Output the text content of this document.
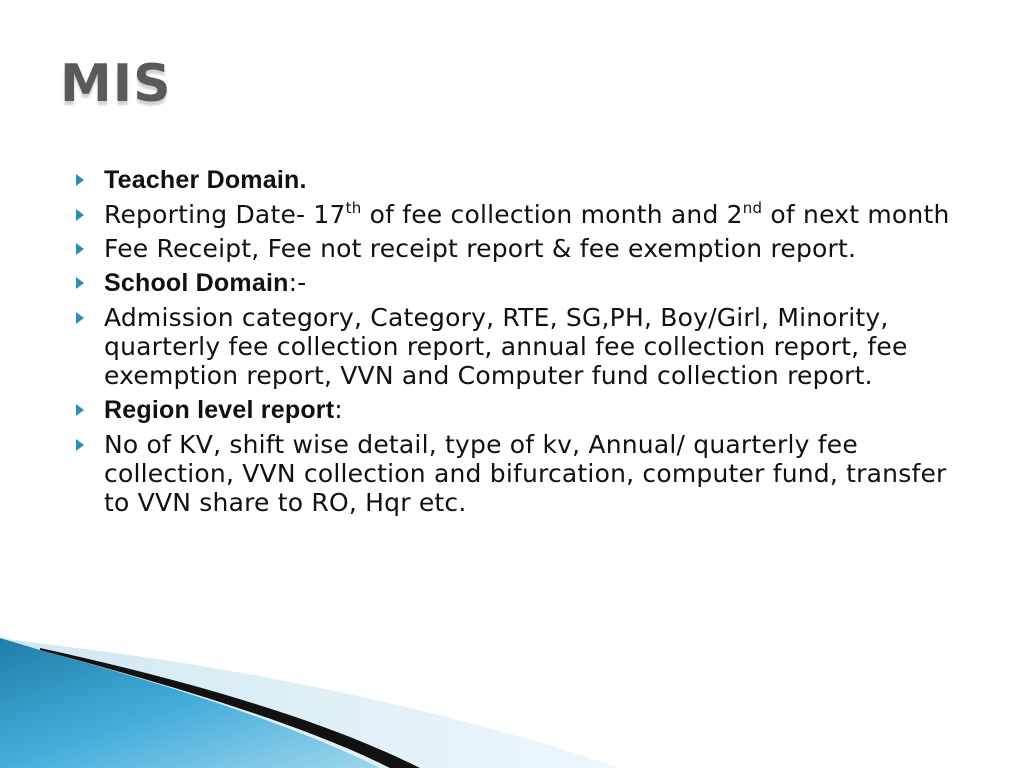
MIS
Teacher Domain.
Reporting Date- 17th of fee collection month and 2nd of next month
Fee Receipt, Fee not receipt report & fee exemption report.
School Domain:-
Admission category, Category, RTE, SG,PH, Boy/Girl, Minority, quarterly fee collection report, annual fee collection report, fee exemption report, VVN and Computer fund collection report.
Region level report:
No of KV, shift wise detail, type of kv, Annual/ quarterly fee collection, VVN collection and bifurcation, computer fund, transfer to VVN share to RO, Hqr etc.
